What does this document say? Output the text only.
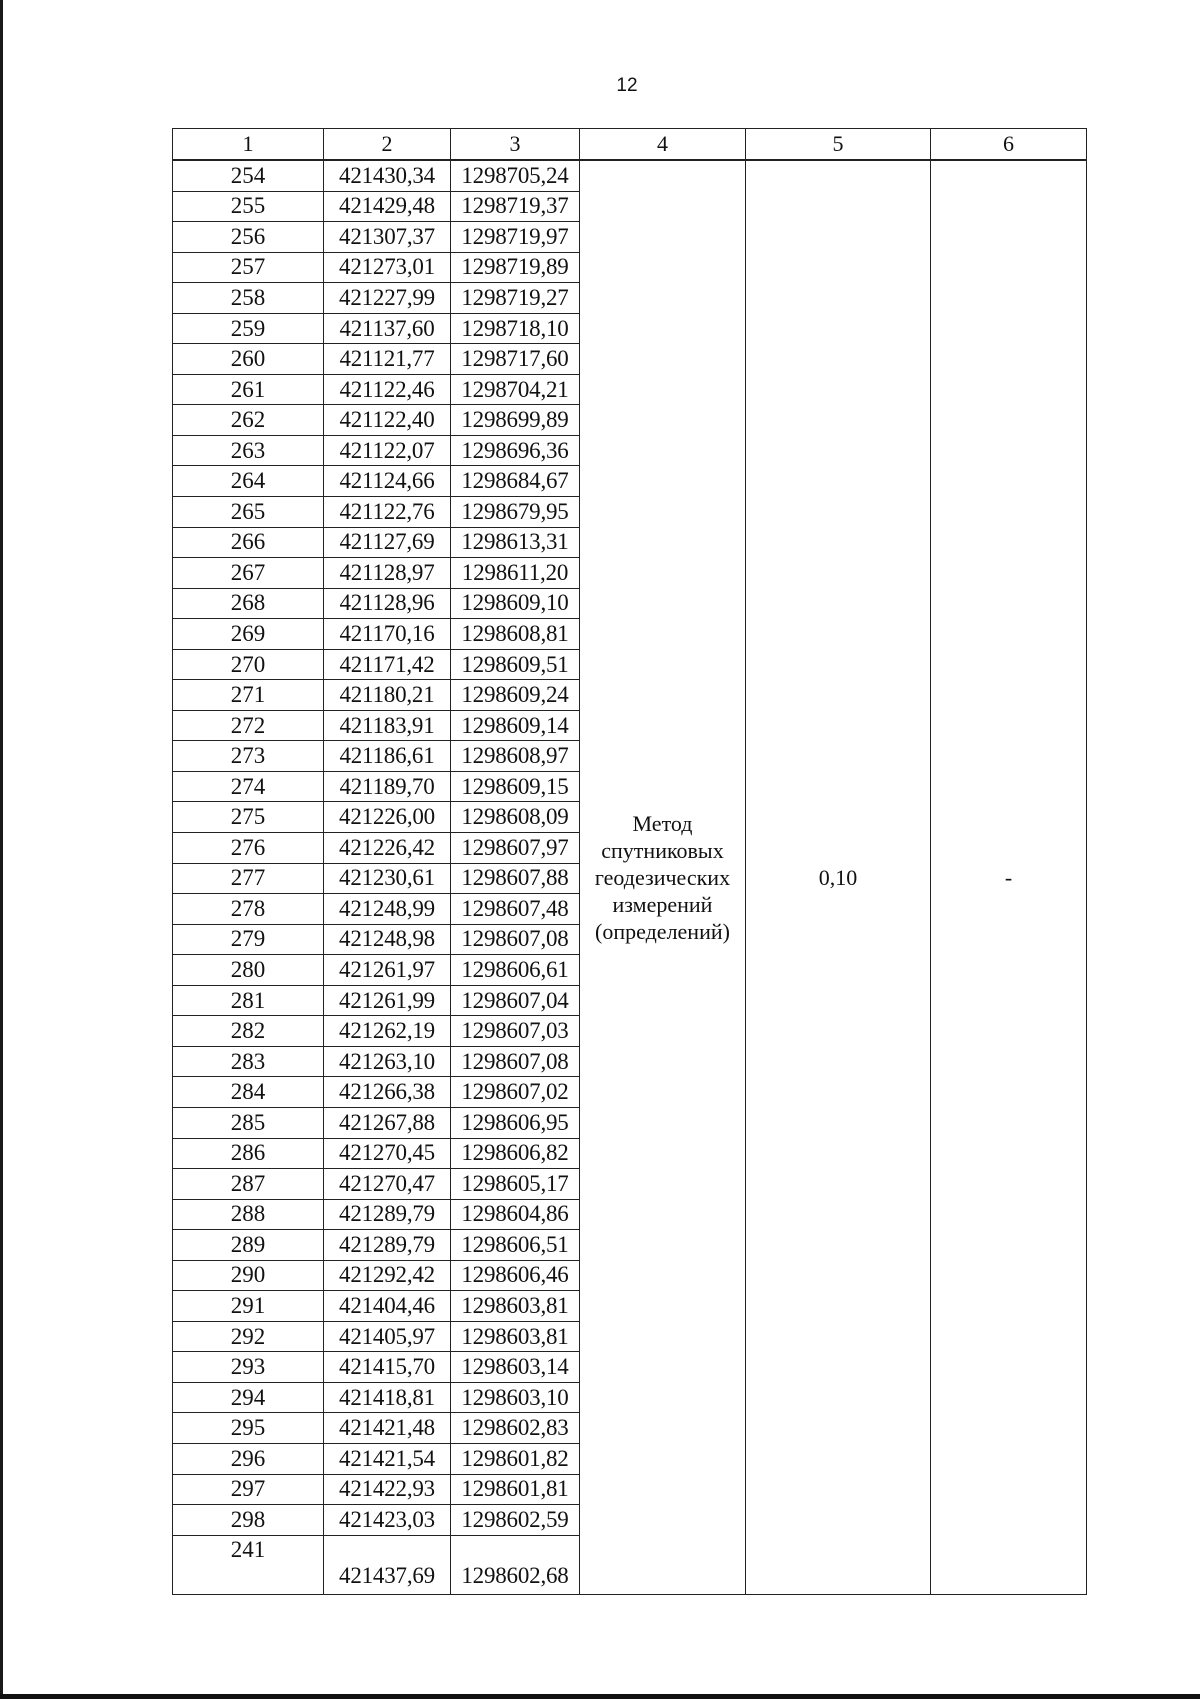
12
1	2	3	4	5	6
254	421430,34	1298705,24	Метод
спутниковых
геодезических
измерений
(определений)	0,10	-
255	421429,48	1298719,37			
256	421307,37	1298719,97			
257	421273,01	1298719,89			
258	421227,99	1298719,27			
259	421137,60	1298718,10			
260	421121,77	1298717,60			
261	421122,46	1298704,21			
262	421122,40	1298699,89			
263	421122,07	1298696,36			
264	421124,66	1298684,67			
265	421122,76	1298679,95			
266	421127,69	1298613,31			
267	421128,97	1298611,20			
268	421128,96	1298609,10			
269	421170,16	1298608,81			
270	421171,42	1298609,51			
271	421180,21	1298609,24			
272	421183,91	1298609,14			
273	421186,61	1298608,97			
274	421189,70	1298609,15			
275	421226,00	1298608,09			
276	421226,42	1298607,97			
277	421230,61	1298607,88			
278	421248,99	1298607,48			
279	421248,98	1298607,08			
280	421261,97	1298606,61			
281	421261,99	1298607,04			
282	421262,19	1298607,03			
283	421263,10	1298607,08			
284	421266,38	1298607,02			
285	421267,88	1298606,95			
286	421270,45	1298606,82			
287	421270,47	1298605,17			
288	421289,79	1298604,86			
289	421289,79	1298606,51			
290	421292,42	1298606,46			
291	421404,46	1298603,81			
292	421405,97	1298603,81			
293	421415,70	1298603,14			
294	421418,81	1298603,10			
295	421421,48	1298602,83			
296	421421,54	1298601,82			
297	421422,93	1298601,81			
298	421423,03	1298602,59			
241	421437,69	1298602,68			
